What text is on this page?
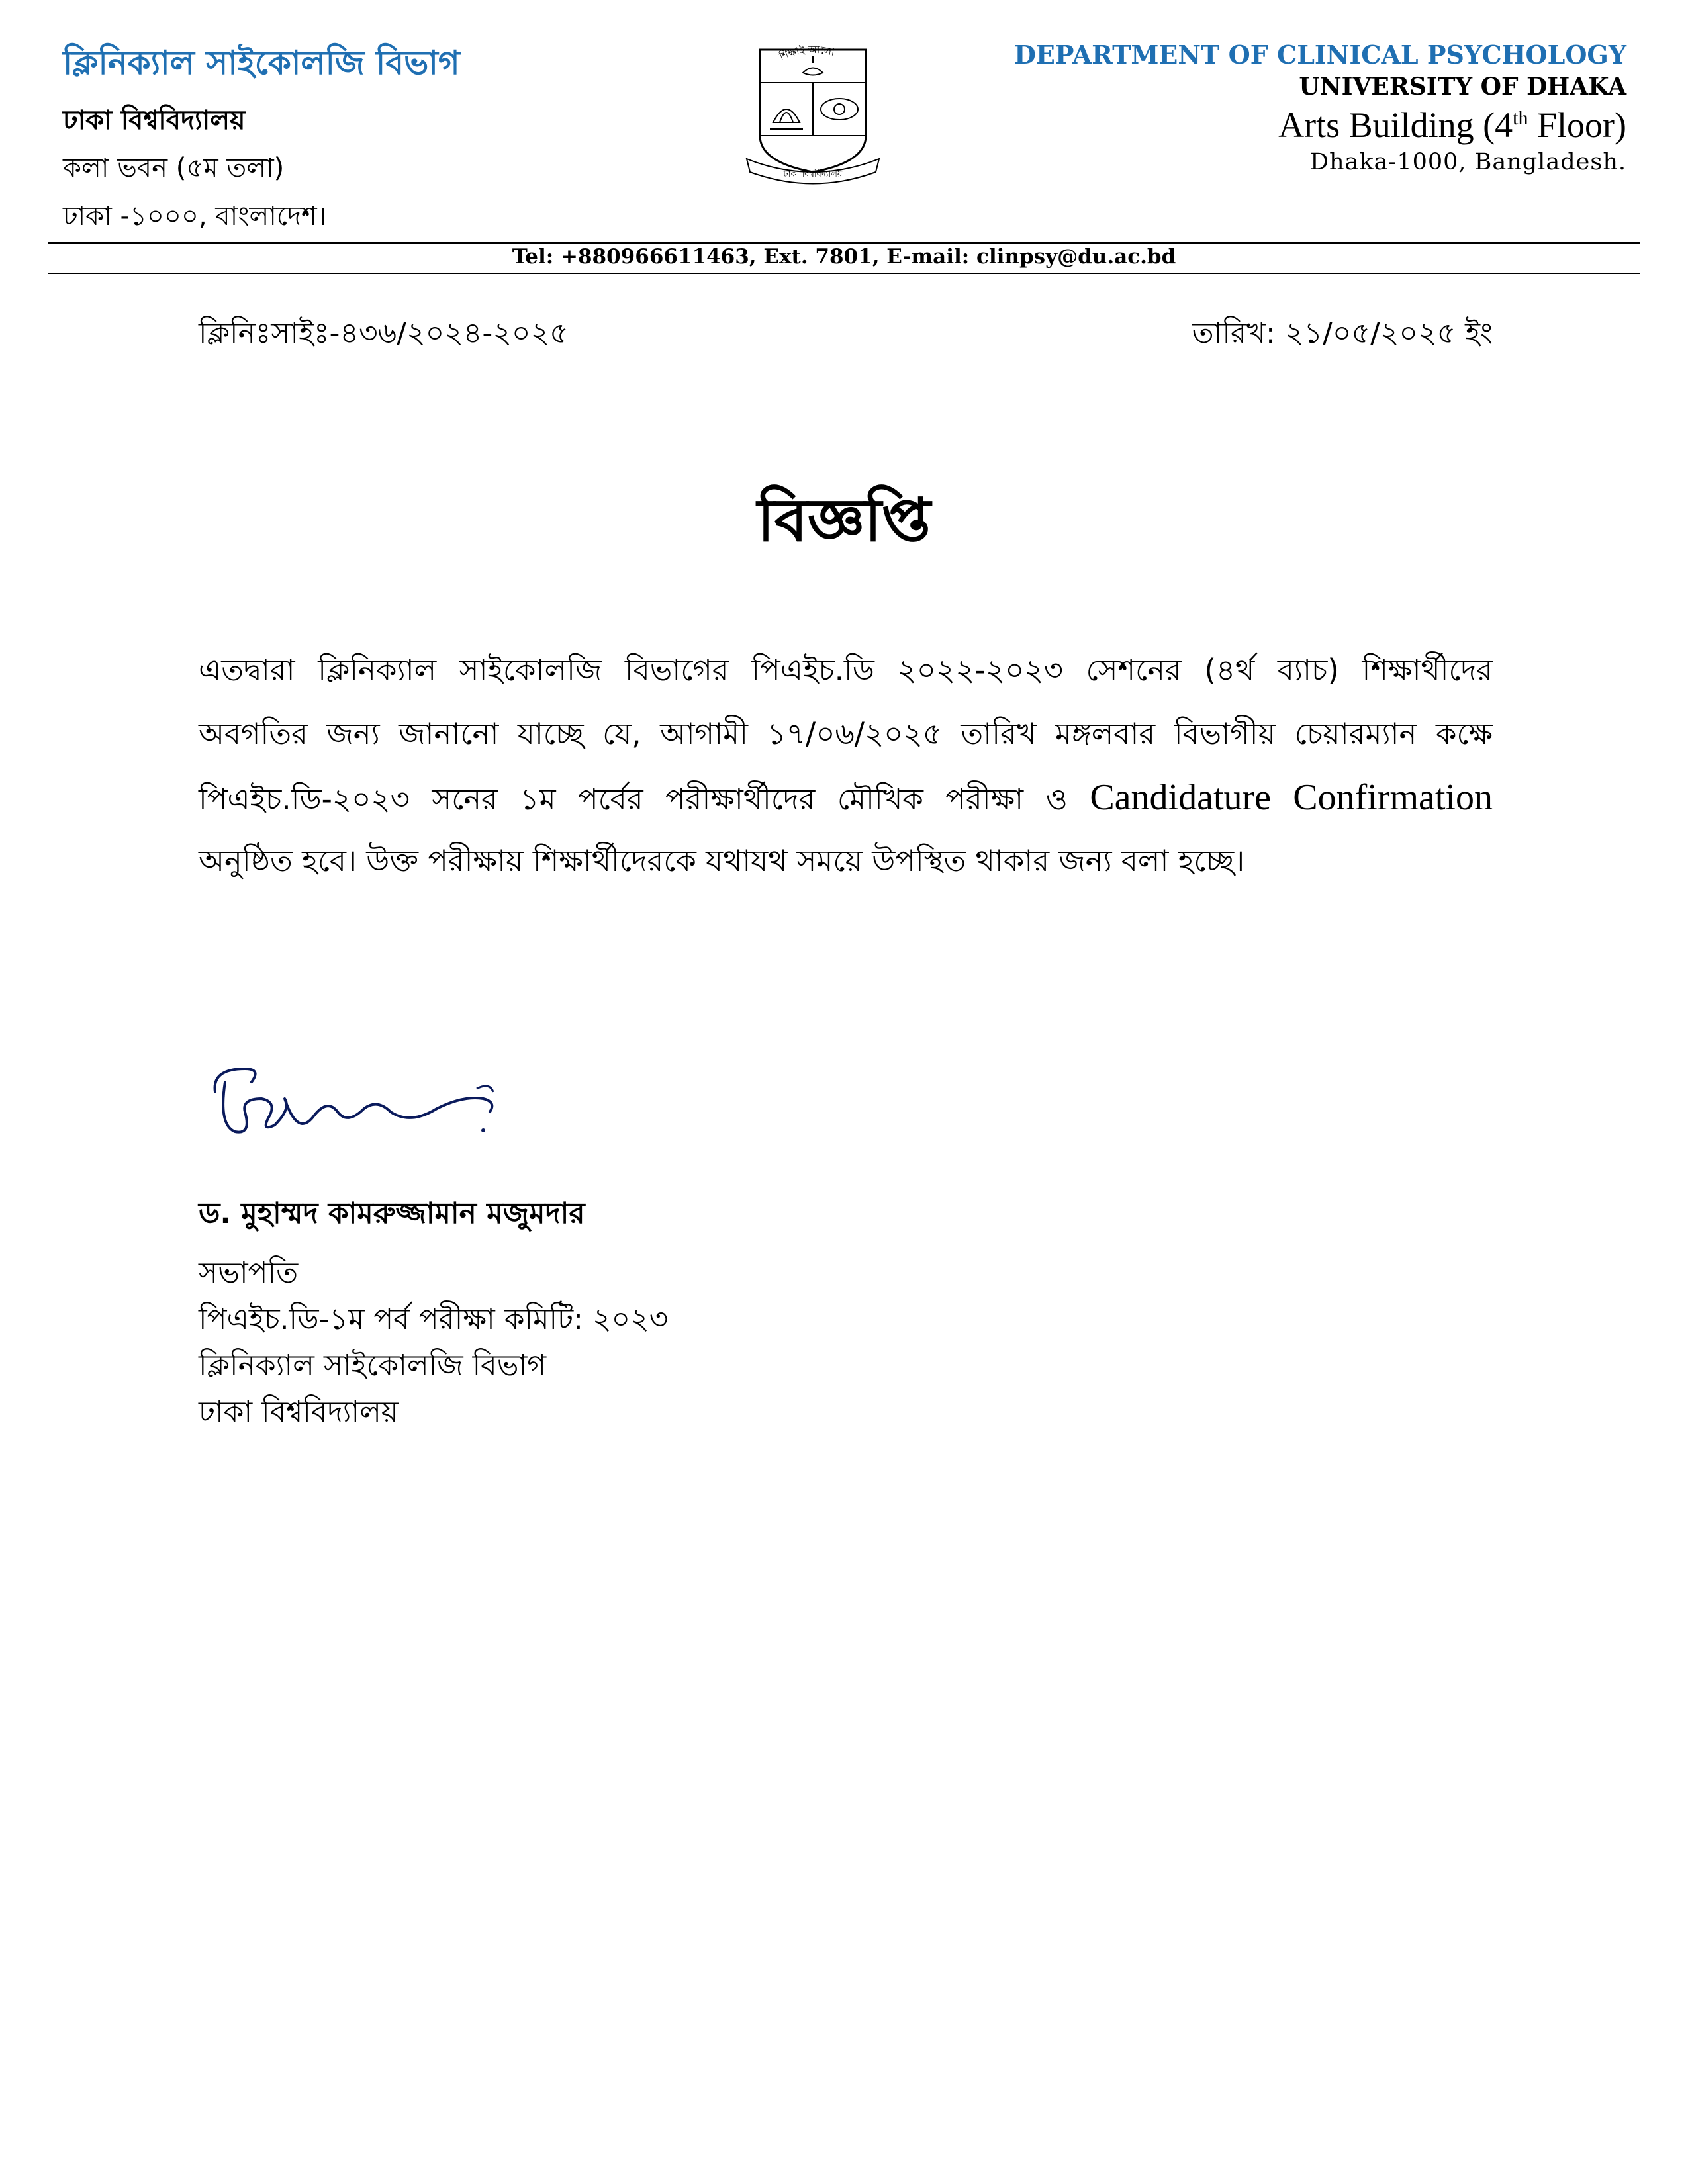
ক্লিনিক্যাল সাইকোলজি বিভাগ
ঢাকা বিশ্ববিদ্যালয়
কলা ভবন (৫ম তলা)
ঢাকা -১০০০, বাংলাদেশ।
শিক্ষাই আলো
ঢাকা বিশ্ববিদ্যালয়
DEPARTMENT OF CLINICAL PSYCHOLOGY
UNIVERSITY OF DHAKA
Arts Building (4th Floor)
Dhaka-1000, Bangladesh.
Tel: +880966611463, Ext. 7801, E-mail: clinpsy@du.ac.bd
ক্লিনিঃসাইঃ-৪৩৬/২০২৪-২০২৫	তারিখ: ২১/০৫/২০২৫ ইং
বিজ্ঞপ্তি
এতদ্বারা ক্লিনিক্যাল সাইকোলজি বিভাগের পিএইচ.ডি ২০২২-২০২৩ সেশনের (৪র্থ ব্যাচ) শিক্ষার্থীদের
অবগতির জন্য জানানো যাচ্ছে যে, আগামী ১৭/০৬/২০২৫ তারিখ মঙ্গলবার বিভাগীয় চেয়ারম্যান কক্ষে
পিএইচ.ডি-২০২৩ সনের ১ম পর্বের পরীক্ষার্থীদের মৌখিক পরীক্ষা ও Candidature Confirmation
অনুষ্ঠিত হবে। উক্ত পরীক্ষায় শিক্ষার্থীদেরকে যথাযথ সময়ে উপস্থিত থাকার জন্য বলা হচ্ছে।
ড. মুহাম্মদ কামরুজ্জামান মজুমদার
সভাপতি
পিএইচ.ডি-১ম পর্ব পরীক্ষা কমিটি: ২০২৩
ক্লিনিক্যাল সাইকোলজি বিভাগ
ঢাকা বিশ্ববিদ্যালয়
